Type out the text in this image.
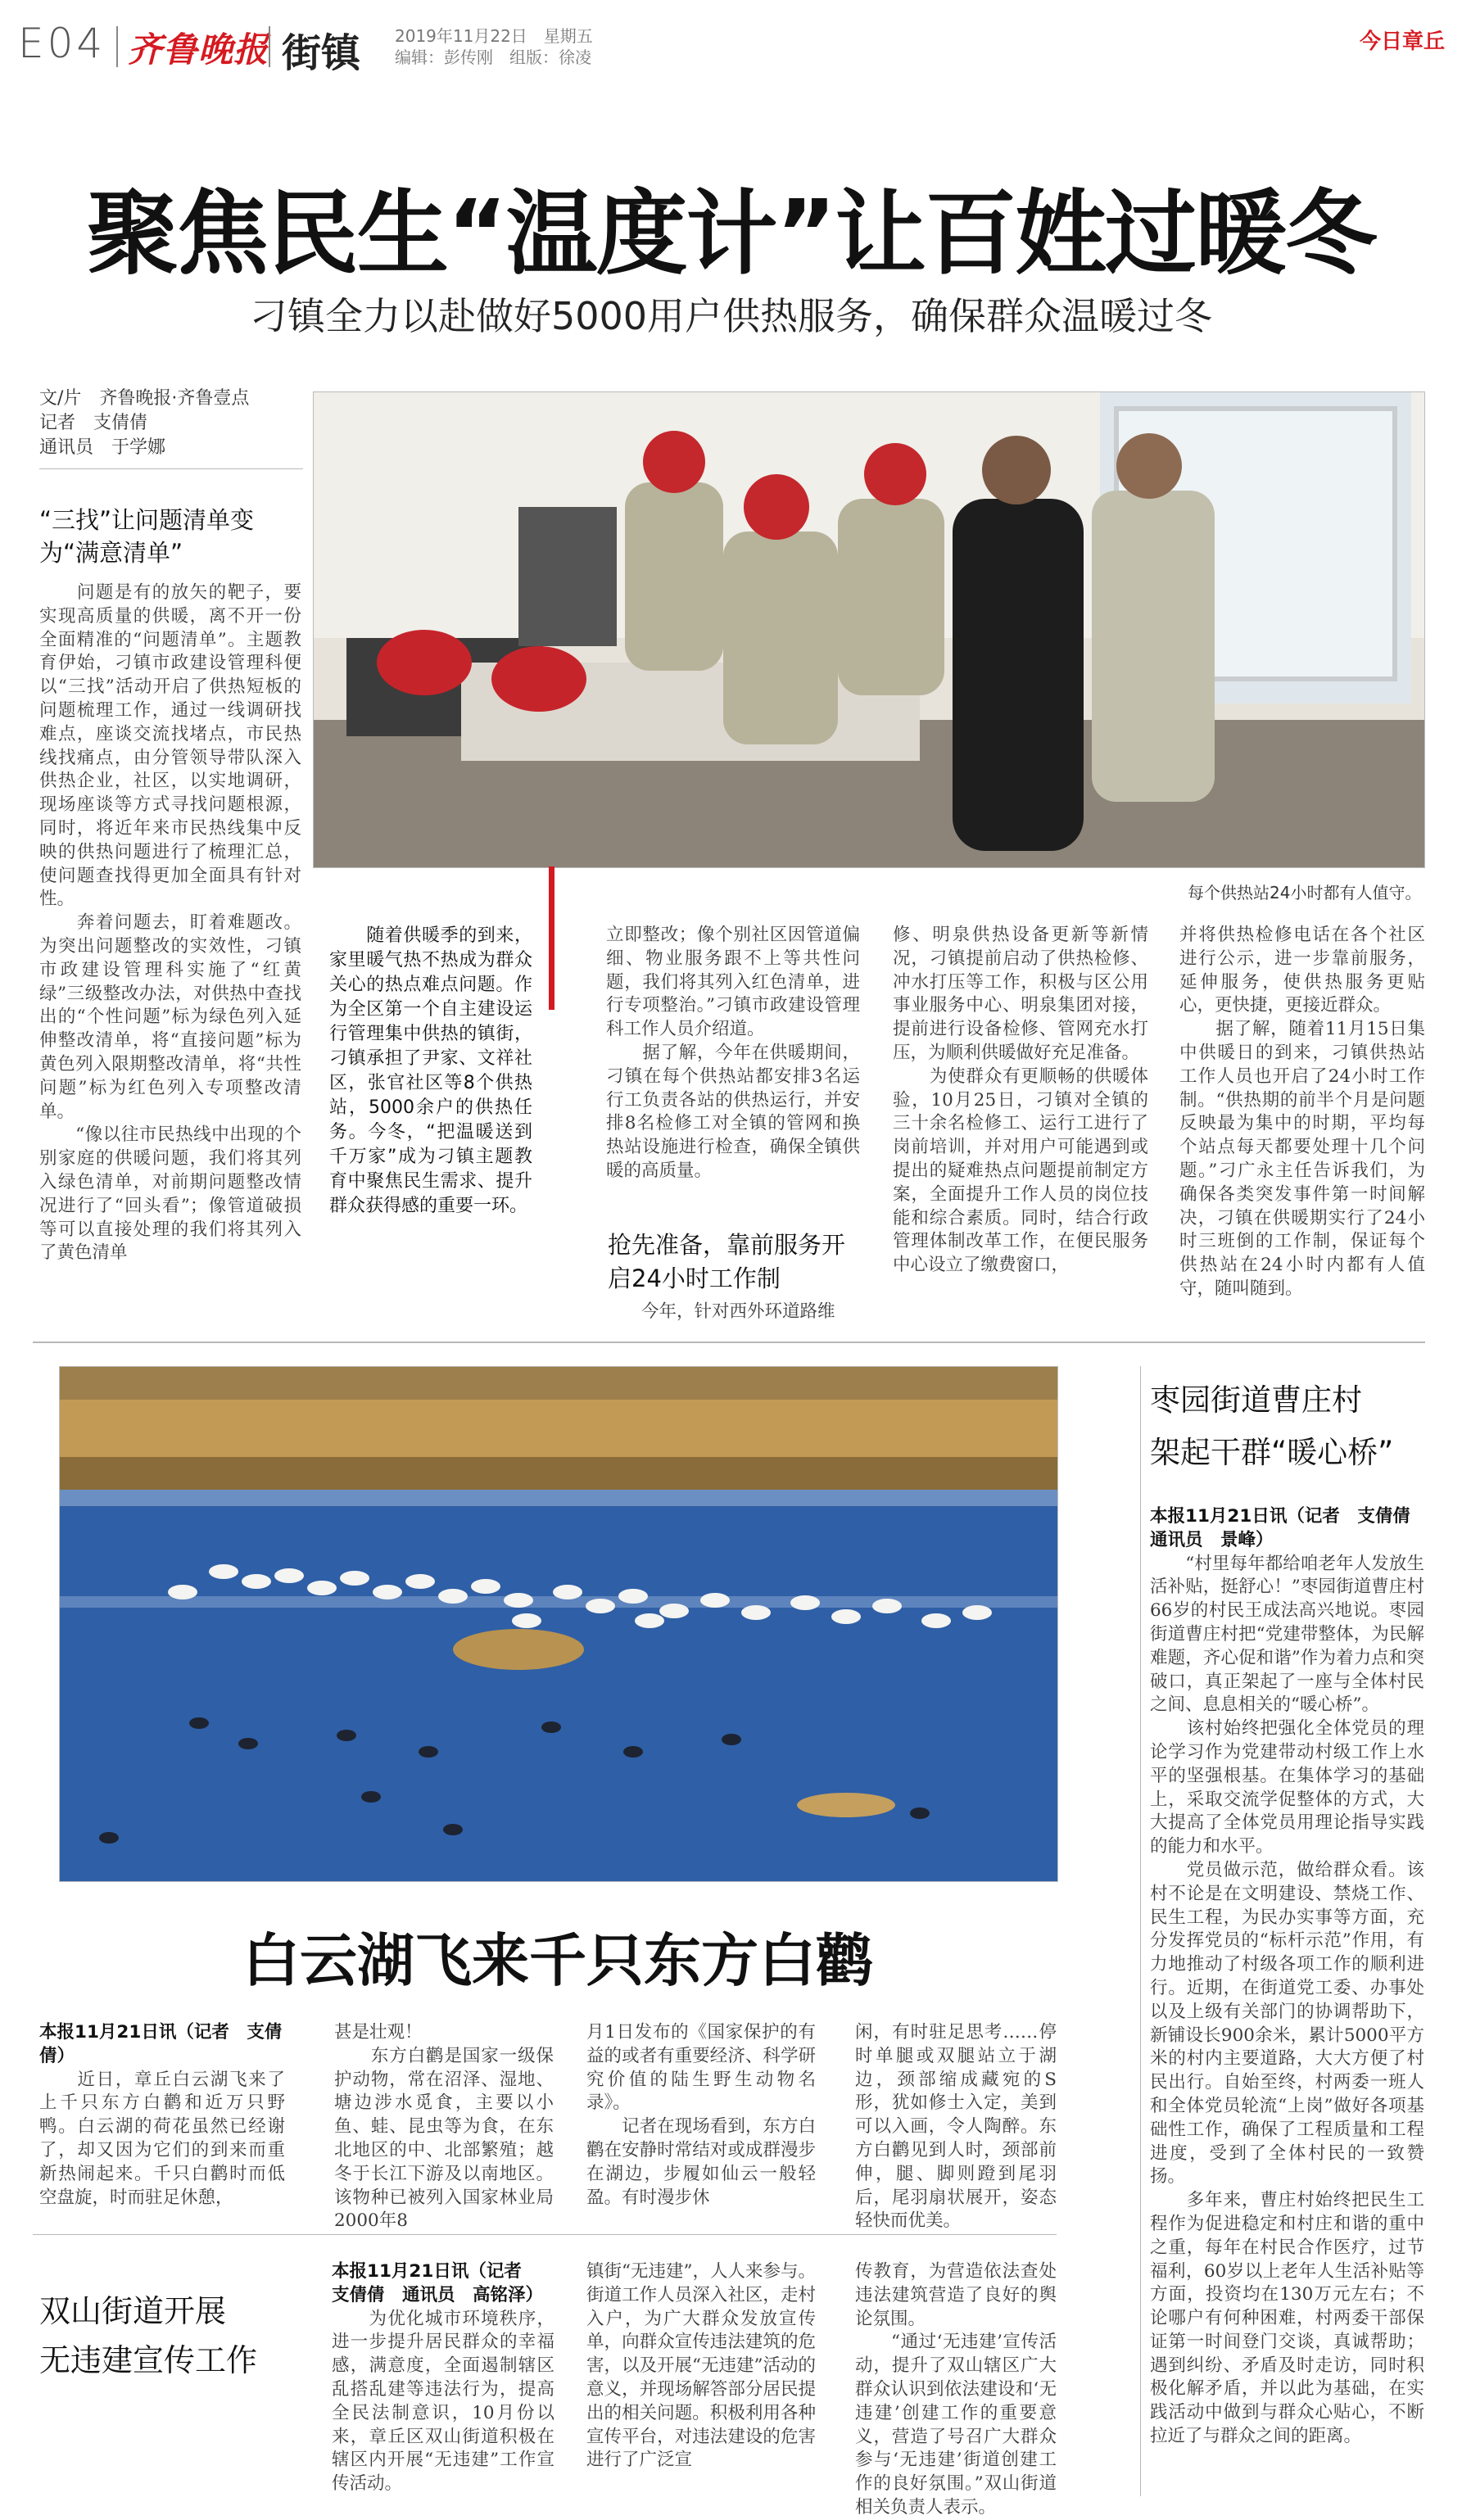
E04 齐鲁晚报 街镇 2019年11月22日　星期五
编辑：彭传刚　组版：徐凌
今日章丘
聚焦民生“温度计”让百姓过暖冬
刁镇全力以赴做好5000用户供热服务，确保群众温暖过冬
文/片　齐鲁晚报·齐鲁壹点
记者　支倩倩
通讯员　于学娜
“三找”让问题清单变为“满意清单”

　　问题是有的放矢的靶子，要实现高质量的供暖，离不开一份全面精准的“问题清单”。主题教育伊始，刁镇市政建设管理科便以“三找”活动开启了供热短板的问题梳理工作，通过一线调研找难点，座谈交流找堵点，市民热线找痛点，由分管领导带队深入供热企业，社区，以实地调研，现场座谈等方式寻找问题根源，同时，将近年来市民热线集中反映的供热问题进行了梳理汇总，使问题查找得更加全面具有针对性。
　　奔着问题去，盯着难题改。为突出问题整改的实效性，刁镇市政建设管理科实施了“红黄绿”三级整改办法，对供热中查找出的“个性问题”标为绿色列入延伸整改清单，将“直接问题”标为黄色列入限期整改清单，将“共性问题”标为红色列入专项整改清单。
　　“像以往市民热线中出现的个别家庭的供暖问题，我们将其列入绿色清单，对前期问题整改情况进行了“回头看”；像管道破损等可以直接处理的我们将其列入了黄色清单

每个供热站24小时都有人值守。

　　随着供暖季的到来，家里暖气热不热成为群众关心的热点难点问题。作为全区第一个自主建设运行管理集中供热的镇街，刁镇承担了尹家、文祥社区，张官社区等8个供热站，5000余户的供热任务。今冬，“把温暖送到千万家”成为刁镇主题教育中聚焦民生需求、提升群众获得感的重要一环。

立即整改；像个别社区因管道偏细、物业服务跟不上等共性问题，我们将其列入红色清单，进行专项整治。”刁镇市政建设管理科工作人员介绍道。
　　据了解，今年在供暖期间，刁镇在每个供热站都安排3名运行工负责各站的供热运行，并安排8名检修工对全镇的管网和换热站设施进行检查，确保全镇供暖的高质量。

抢先准备，靠前服务开启24小时工作制

　　今年，针对西外环道路维

修、明泉供热设备更新等新情况，刁镇提前启动了供热检修、冲水打压等工作，积极与区公用事业服务中心、明泉集团对接，提前进行设备检修、管网充水打压，为顺利供暖做好充足准备。
　　为使群众有更顺畅的供暖体验，10月25日，刁镇对全镇的三十余名检修工、运行工进行了岗前培训，并对用户可能遇到或提出的疑难热点问题提前制定方案，全面提升工作人员的岗位技能和综合素质。同时，结合行政管理体制改革工作，在便民服务中心设立了缴费窗口，

并将供热检修电话在各个社区进行公示，进一步靠前服务，延伸服务，使供热服务更贴心，更快捷，更接近群众。
　　据了解，随着11月15日集中供暖日的到来，刁镇供热站工作人员也开启了24小时工作制。“供热期的前半个月是问题反映最为集中的时期，平均每个站点每天都要处理十几个问题。”刁广永主任告诉我们，为确保各类突发事件第一时间解决，刁镇在供暖期实行了24小时三班倒的工作制，保证每个供热站在24小时内都有人值守，随叫随到。

白云湖飞来千只东方白鹳
本报11月21日讯（记者　支倩倩）

　　近日，章丘白云湖飞来了上千只东方白鹳和近万只野鸭。白云湖的荷花虽然已经谢了，却又因为它们的到来而重新热闹起来。千只白鹳时而低空盘旋，时而驻足休憩，

甚是壮观！
　　东方白鹳是国家一级保护动物，常在沼泽、湿地、塘边涉水觅食，主要以小鱼、蛙、昆虫等为食，在东北地区的中、北部繁殖；越冬于长江下游及以南地区。该物种已被列入国家林业局2000年8

月1日发布的《国家保护的有益的或者有重要经济、科学研究价值的陆生野生动物名录》。
　　记者在现场看到，东方白鹳在安静时常结对或成群漫步在湖边，步履如仙云一般轻盈。有时漫步休

闲，有时驻足思考……停时单腿或双腿站立于湖边，颈部缩成藏宛的S形，犹如修士入定，美到可以入画，令人陶醉。东方白鹳见到人时，颈部前伸，腿、脚则蹬到尾羽后，尾羽扇状展开，姿态轻快而优美。

双山街道开展
无违建宣传工作
本报11月21日讯（记者　支倩倩　通讯员　高铭泽）

　　为优化城市环境秩序，进一步提升居民群众的幸福感，满意度，全面遏制辖区乱搭乱建等违法行为，提高全民法制意识，10月份以来，章丘区双山街道积极在辖区内开展“无违建”工作宣传活动。

镇街“无违建”，人人来参与。街道工作人员深入社区，走村入户，为广大群众发放宣传单，向群众宣传违法建筑的危害，以及开展“无违建”活动的意义，并现场解答部分居民提出的相关问题。积极利用各种宣传平台，对违法建设的危害进行了广泛宣

传教育，为营造依法查处违法建筑营造了良好的舆论氛围。
　　“通过‘无违建’宣传活动，提升了双山辖区广大群众认识到依法建设和‘无违建’创建工作的重要意义，营造了号召广大群众参与‘无违建’街道创建工作的良好氛围。”双山街道相关负责人表示。

枣园街道曹庄村
架起干群“暖心桥”
本报11月21日讯（记者　支倩倩　通讯员　景峰）

　　“村里每年都给咱老年人发放生活补贴，挺舒心！”枣园街道曹庄村66岁的村民王成法高兴地说。枣园街道曹庄村把“党建带整体，为民解难题，齐心促和谐”作为着力点和突破口，真正架起了一座与全体村民之间、息息相关的“暖心桥”。
　　该村始终把强化全体党员的理论学习作为党建带动村级工作上水平的坚强根基。在集体学习的基础上，采取交流学促整体的方式，大大提高了全体党员用理论指导实践的能力和水平。
　　党员做示范，做给群众看。该村不论是在文明建设、禁烧工作、民生工程，为民办实事等方面，充分发挥党员的“标杆示范”作用，有力地推动了村级各项工作的顺利进行。近期，在街道党工委、办事处以及上级有关部门的协调帮助下，新铺设长900余米，累计5000平方米的村内主要道路，大大方便了村民出行。自始至终，村两委一班人和全体党员轮流“上岗”做好各项基础性工作，确保了工程质量和工程进度，受到了全体村民的一致赞扬。
　　多年来，曹庄村始终把民生工程作为促进稳定和村庄和谐的重中之重，每年在村民合作医疗，过节福利，60岁以上老年人生活补贴等方面，投资均在130万元左右；不论哪户有何种困难，村两委干部保证第一时间登门交谈，真诚帮助；遇到纠纷、矛盾及时走访，同时积极化解矛盾，并以此为基础，在实践活动中做到与群众心贴心，不断拉近了与群众之间的距离。
